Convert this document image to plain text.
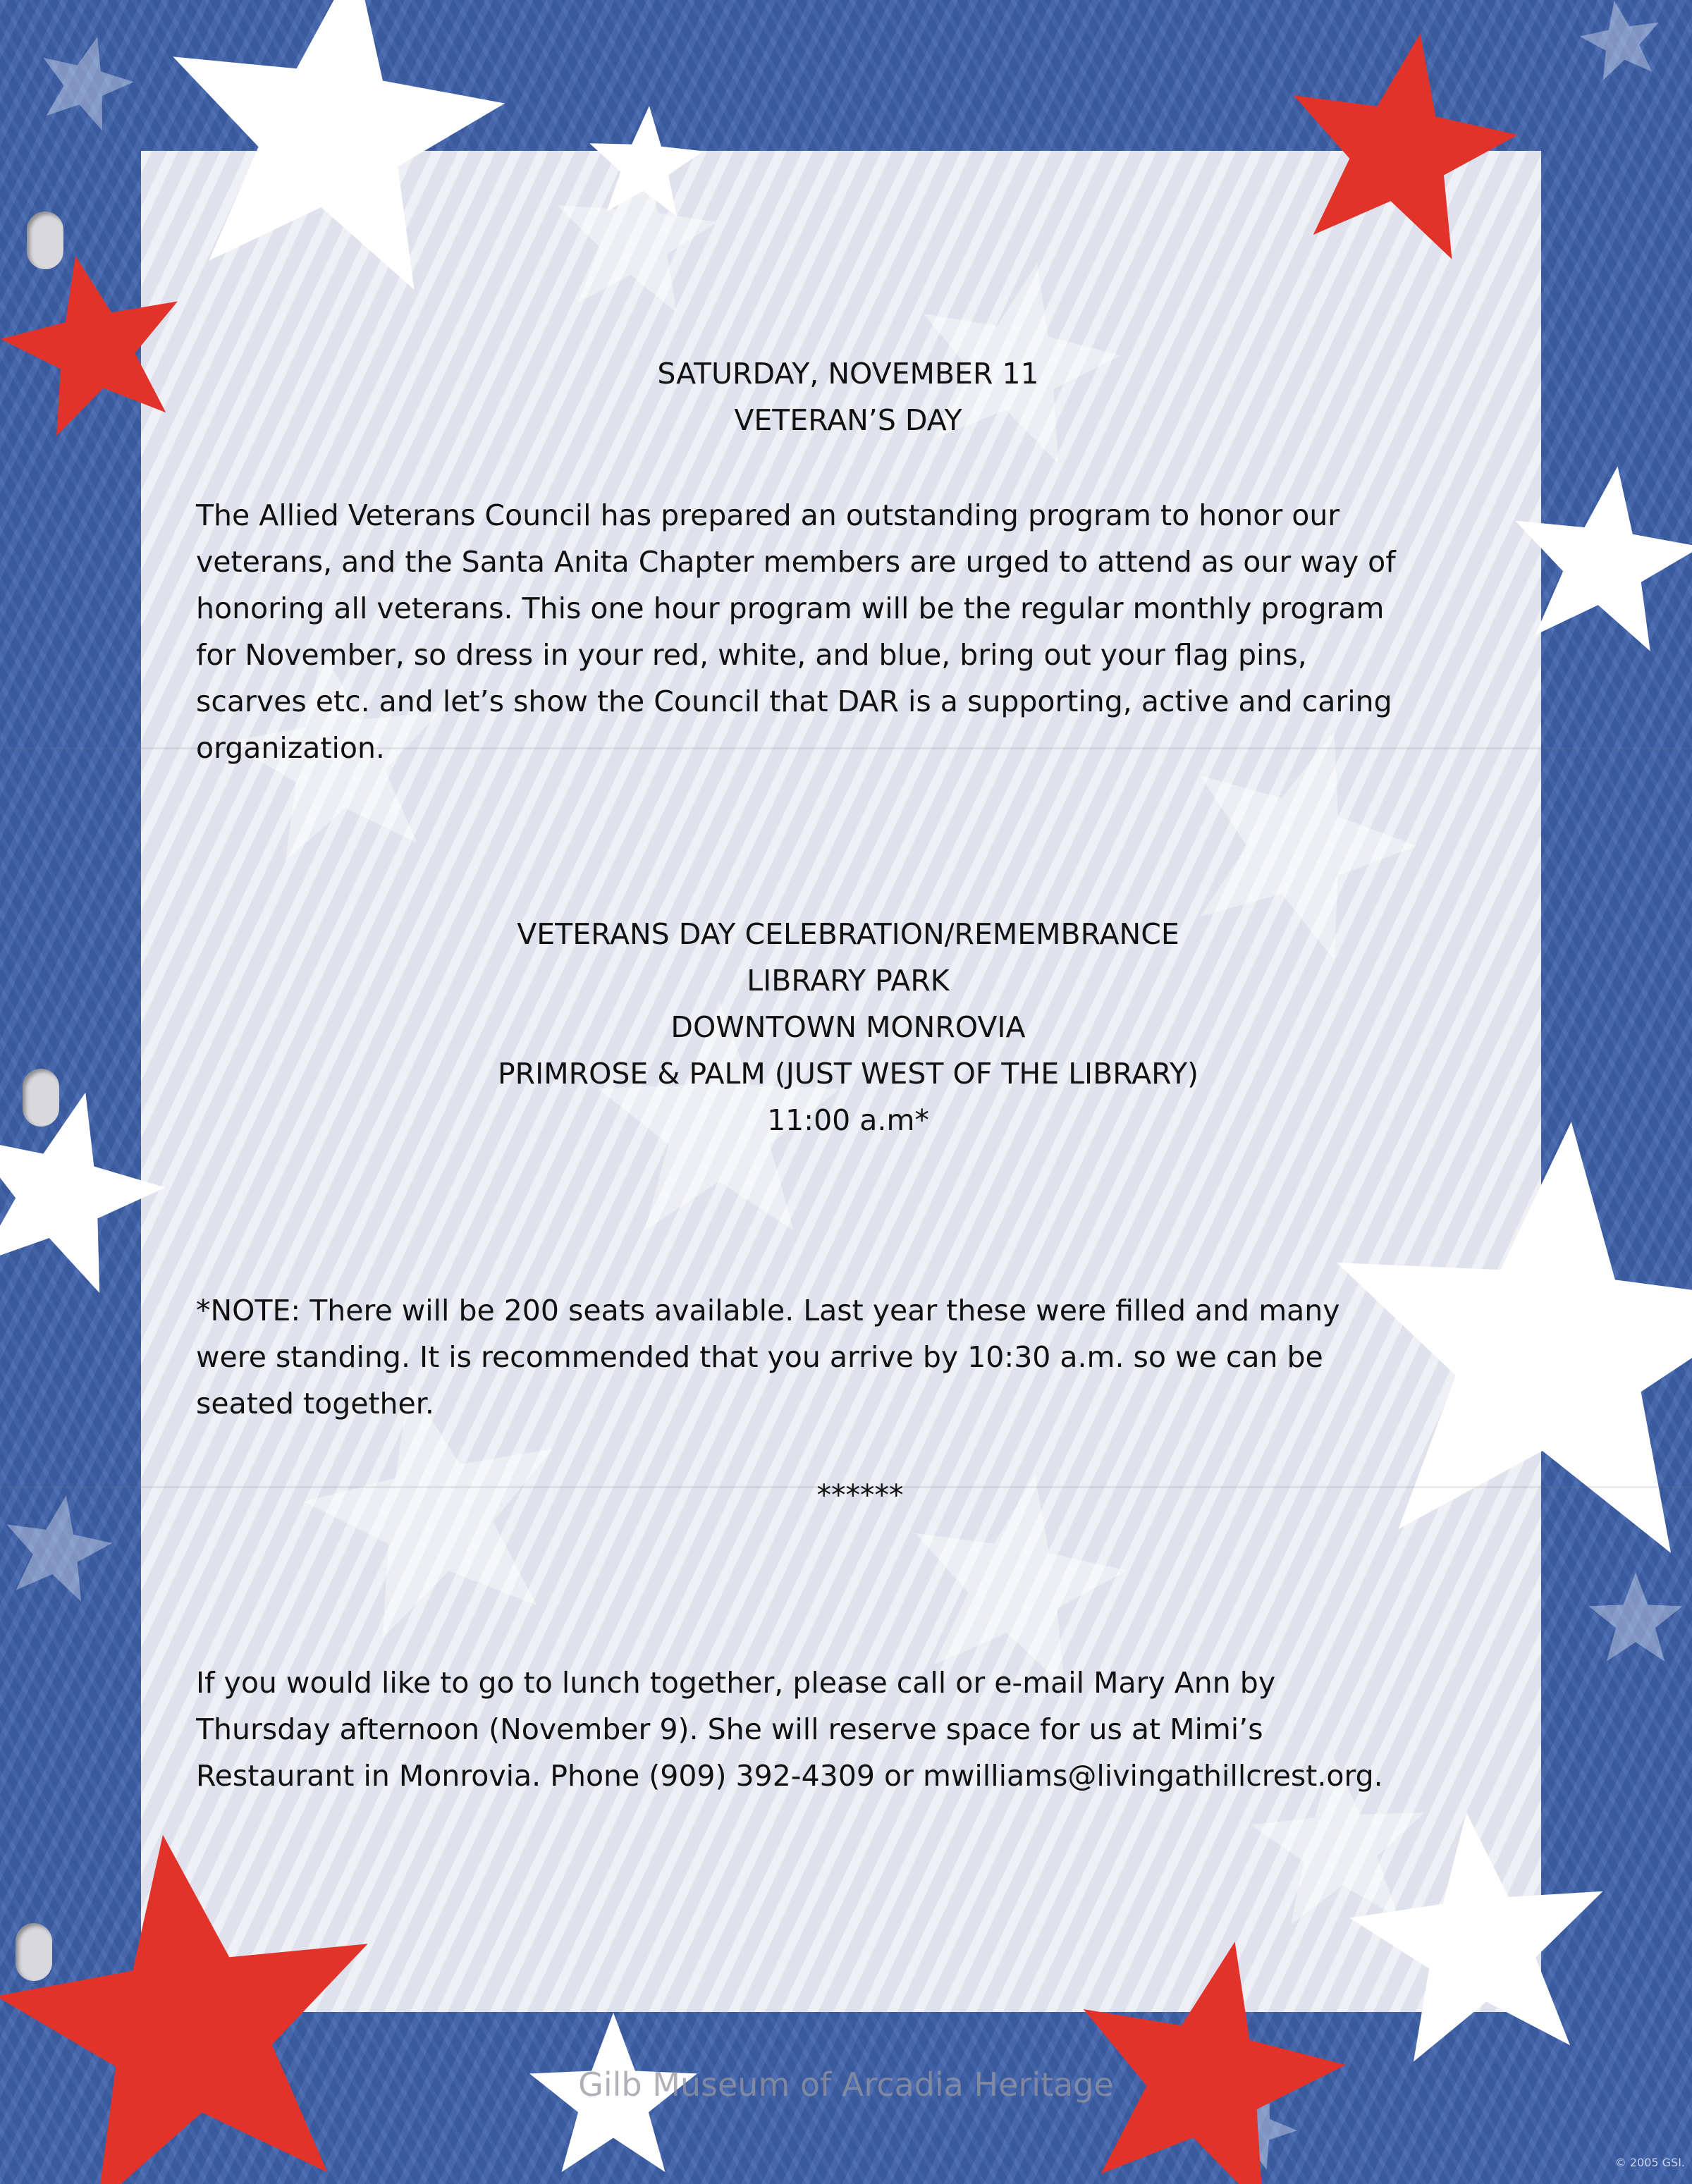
SATURDAY, NOVEMBER 11
VETERAN’S DAY
The Allied Veterans Council has prepared an outstanding program to honor our
veterans, and the Santa Anita Chapter members are urged to attend as our way of
honoring all veterans. This one hour program will be the regular monthly program
for November, so dress in your red, white, and blue, bring out your flag pins,
scarves etc. and let’s show the Council that DAR is a supporting, active and caring
organization.
VETERANS DAY CELEBRATION/REMEMBRANCE
LIBRARY PARK
DOWNTOWN MONROVIA
PRIMROSE & PALM (JUST WEST OF THE LIBRARY)
11:00 a.m*
*NOTE: There will be 200 seats available. Last year these were filled and many
were standing. It is recommended that you arrive by 10:30 a.m. so we can be
seated together.
******
If you would like to go to lunch together, please call or e-mail Mary Ann by
Thursday afternoon (November 9). She will reserve space for us at Mimi’s
Restaurant in Monrovia. Phone (909) 392-4309 or mwilliams@livingathillcrest.org.
Gilb Museum of Arcadia Heritage
© 2005 GSI.
